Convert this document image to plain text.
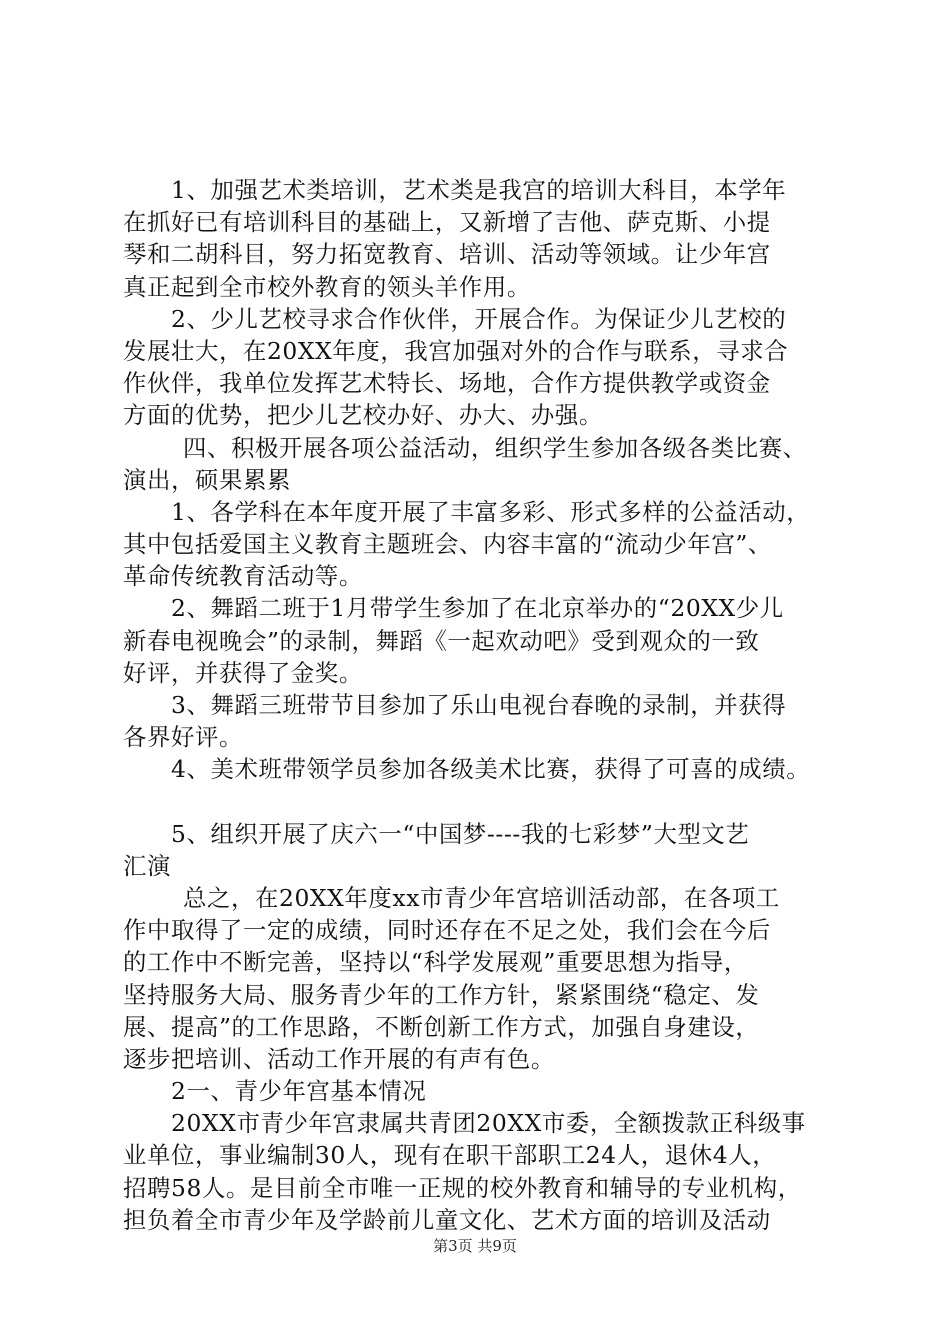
1、加强艺术类培训，艺术类是我宫的培训大科目，本学年
在抓好已有培训科目的基础上，又新增了吉他、萨克斯、小提
琴和二胡科目，努力拓宽教育、培训、活动等领域。让少年宫
真正起到全市校外教育的领头羊作用。
2、少儿艺校寻求合作伙伴，开展合作。为保证少儿艺校的
发展壮大，在20XX年度，我宫加强对外的合作与联系，寻求合
作伙伴，我单位发挥艺术特长、场地，合作方提供教学或资金
方面的优势，把少儿艺校办好、办大、办强。
四、积极开展各项公益活动，组织学生参加各级各类比赛、
演出，硕果累累
1、各学科在本年度开展了丰富多彩、形式多样的公益活动，
其中包括爱国主义教育主题班会、内容丰富的“流动少年宫”、
革命传统教育活动等。
2、舞蹈二班于1月带学生参加了在北京举办的“20XX少儿
新春电视晚会”的录制，舞蹈《一起欢动吧》受到观众的一致
好评，并获得了金奖。
3、舞蹈三班带节目参加了乐山电视台春晚的录制，并获得
各界好评。
4、美术班带领学员参加各级美术比赛，获得了可喜的成绩。
5、组织开展了庆六一“中国梦----我的七彩梦”大型文艺
汇演
总之，在20XX年度xx市青少年宫培训活动部，在各项工
作中取得了一定的成绩，同时还存在不足之处，我们会在今后
的工作中不断完善，坚持以“科学发展观”重要思想为指导，
坚持服务大局、服务青少年的工作方针，紧紧围绕“稳定、发
展、提高”的工作思路，不断创新工作方式，加强自身建设，
逐步把培训、活动工作开展的有声有色。
2一、青少年宫基本情况
20XX市青少年宫隶属共青团20XX市委，全额拨款正科级事
业单位，事业编制30人，现有在职干部职工24人，退休4人，
招聘58人。是目前全市唯一正规的校外教育和辅导的专业机构，
担负着全市青少年及学龄前儿童文化、艺术方面的培训及活动
第3页 共9页
